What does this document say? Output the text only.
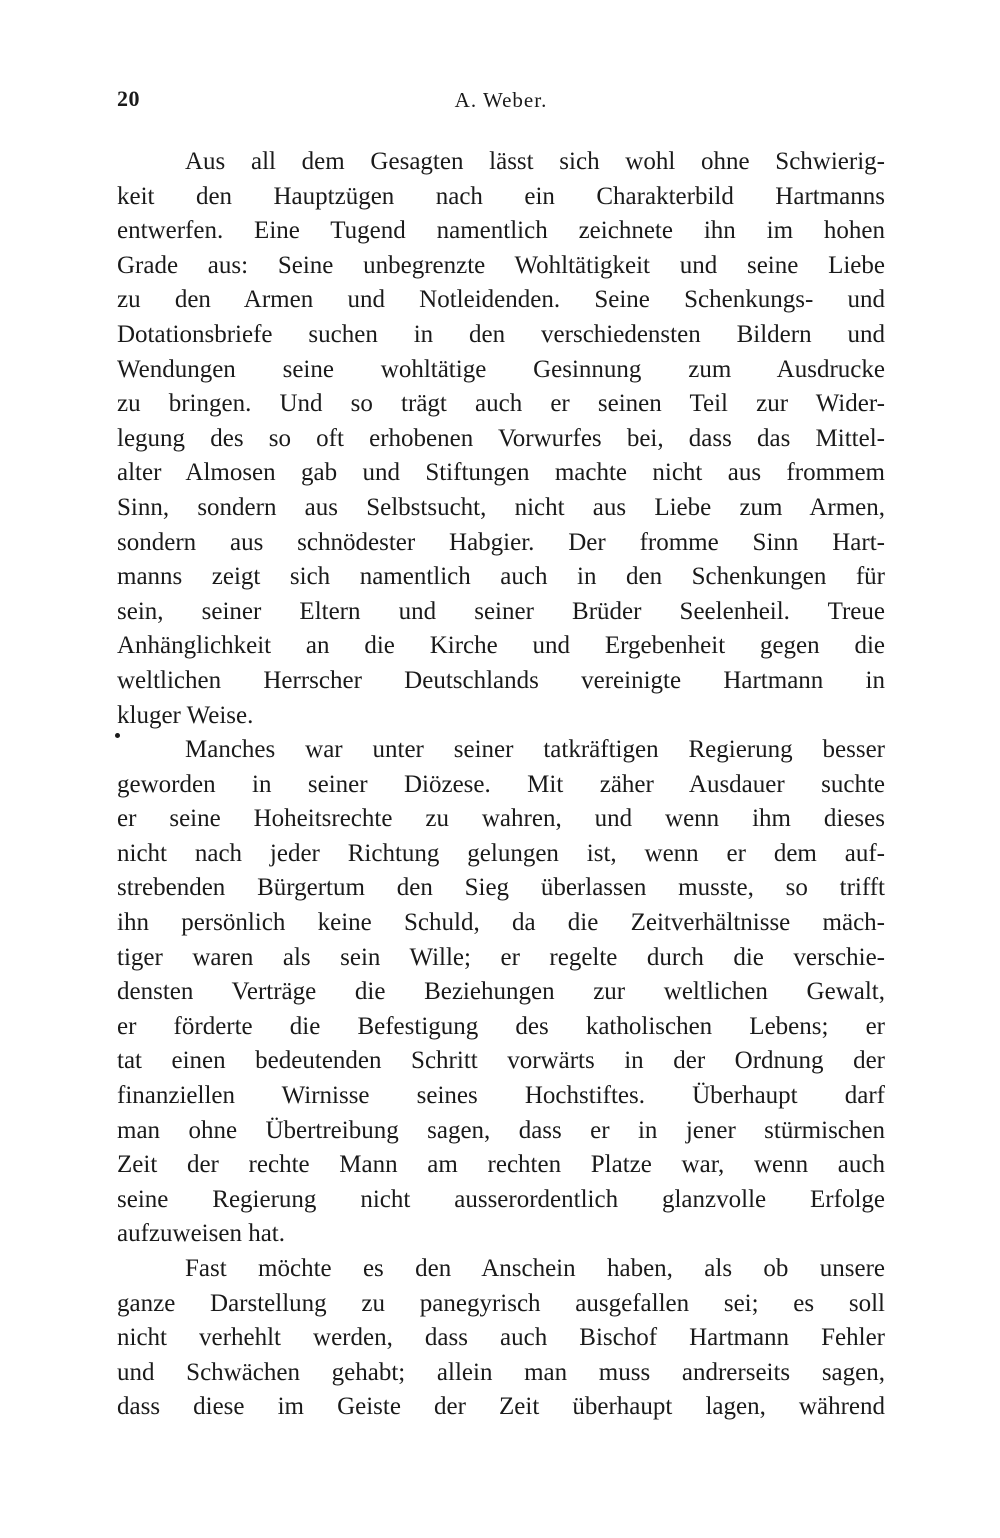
20	A. Weber.
Aus all dem Gesagten lässt sich wohl ohne Schwierig-
keit den Hauptzügen nach ein Charakterbild Hartmanns
entwerfen. Eine Tugend namentlich zeichnete ihn im hohen
Grade aus: Seine unbegrenzte Wohltätigkeit und seine Liebe
zu den Armen und Notleidenden. Seine Schenkungs- und
Dotationsbriefe suchen in den verschiedensten Bildern und
Wendungen seine wohltätige Gesinnung zum Ausdrucke
zu bringen. Und so trägt auch er seinen Teil zur Wider-
legung des so oft erhobenen Vorwurfes bei, dass das Mittel-
alter Almosen gab und Stiftungen machte nicht aus frommem
Sinn, sondern aus Selbstsucht, nicht aus Liebe zum Armen,
sondern aus schnödester Habgier. Der fromme Sinn Hart-
manns zeigt sich namentlich auch in den Schenkungen für
sein, seiner Eltern und seiner Brüder Seelenheil. Treue
Anhänglichkeit an die Kirche und Ergebenheit gegen die
weltlichen Herrscher Deutschlands vereinigte Hartmann in
kluger Weise.
Manches war unter seiner tatkräftigen Regierung besser
geworden in seiner Diözese. Mit zäher Ausdauer suchte
er seine Hoheitsrechte zu wahren, und wenn ihm dieses
nicht nach jeder Richtung gelungen ist, wenn er dem auf-
strebenden Bürgertum den Sieg überlassen musste, so trifft
ihn persönlich keine Schuld, da die Zeitverhältnisse mäch-
tiger waren als sein Wille; er regelte durch die verschie-
densten Verträge die Beziehungen zur weltlichen Gewalt,
er förderte die Befestigung des katholischen Lebens; er
tat einen bedeutenden Schritt vorwärts in der Ordnung der
finanziellen Wirnisse seines Hochstiftes. Überhaupt darf
man ohne Übertreibung sagen, dass er in jener stürmischen
Zeit der rechte Mann am rechten Platze war, wenn auch
seine Regierung nicht ausserordentlich glanzvolle Erfolge
aufzuweisen hat.
Fast möchte es den Anschein haben, als ob unsere
ganze Darstellung zu panegyrisch ausgefallen sei; es soll
nicht verhehlt werden, dass auch Bischof Hartmann Fehler
und Schwächen gehabt; allein man muss andrerseits sagen,
dass diese im Geiste der Zeit überhaupt lagen, während
